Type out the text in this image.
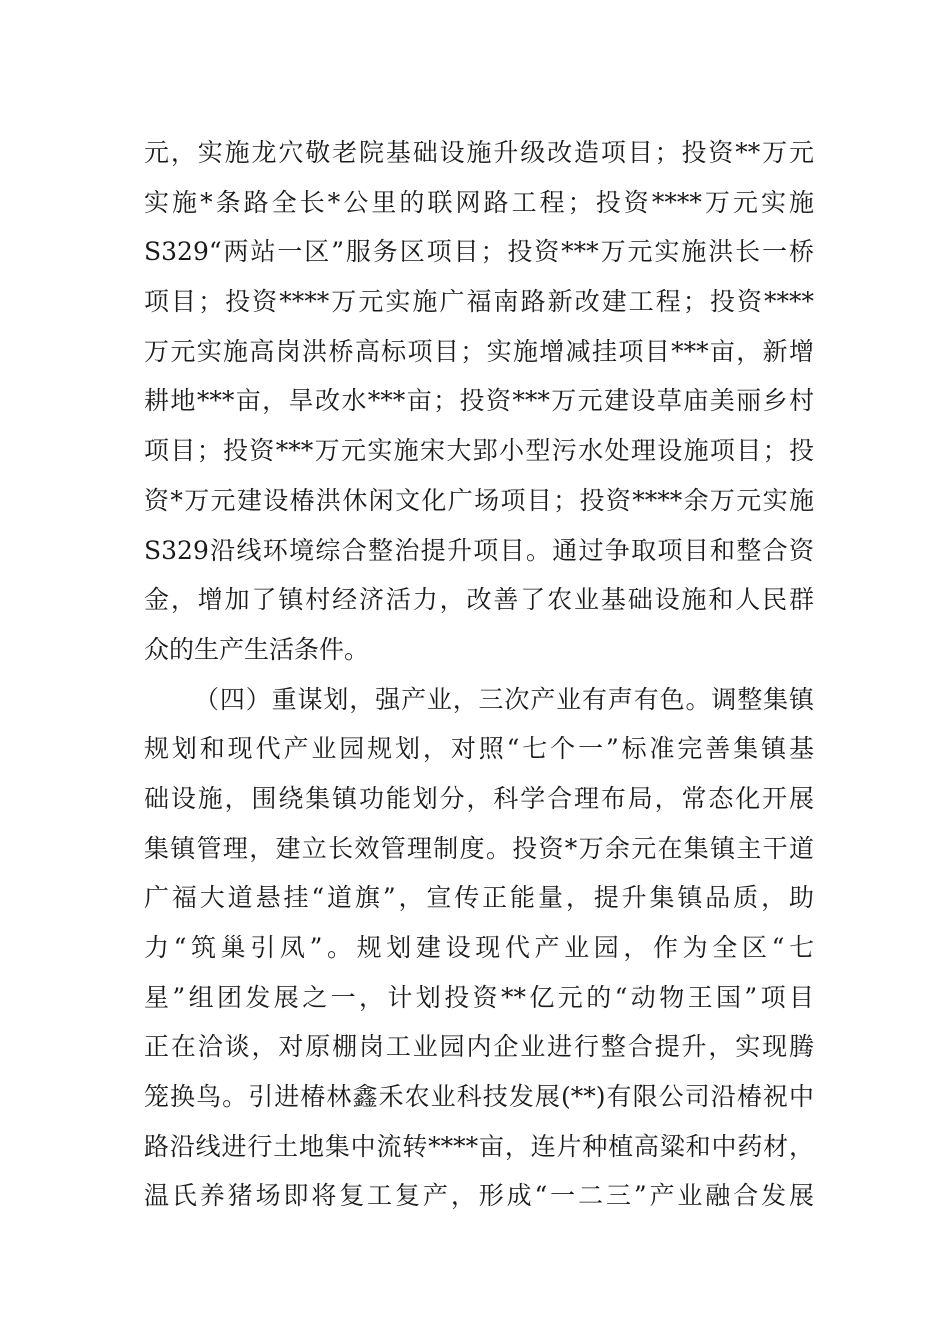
元，实施龙穴敬老院基础设施升级改造项目；投资**万元
实施*条路全长*公里的联网路工程；投资****万元实施
S329“两站一区”服务区项目；投资***万元实施洪长一桥
项目；投资****万元实施广福南路新改建工程；投资****
万元实施高岗洪桥高标项目；实施增减挂项目***亩，新增
耕地***亩，旱改水***亩；投资***万元建设草庙美丽乡村
项目；投资***万元实施宋大郢小型污水处理设施项目；投
资*万元建设椿洪休闲文化广场项目；投资****余万元实施
S329沿线环境综合整治提升项目。通过争取项目和整合资
金，增加了镇村经济活力，改善了农业基础设施和人民群
众的生产生活条件。
（四）重谋划，强产业，三次产业有声有色。调整集镇
规划和现代产业园规划，对照“七个一”标准完善集镇基
础设施，围绕集镇功能划分，科学合理布局，常态化开展
集镇管理，建立长效管理制度。投资*万余元在集镇主干道
广福大道悬挂“道旗”，宣传正能量，提升集镇品质，助
力“筑巢引凤”。规划建设现代产业园，作为全区“七
星”组团发展之一，计划投资**亿元的“动物王国”项目
正在洽谈，对原棚岗工业园内企业进行整合提升，实现腾
笼换鸟。引进椿林鑫禾农业科技发展(**)有限公司沿椿祝中
路沿线进行土地集中流转****亩，连片种植高粱和中药材，
温氏养猪场即将复工复产，形成“一二三”产业融合发展
